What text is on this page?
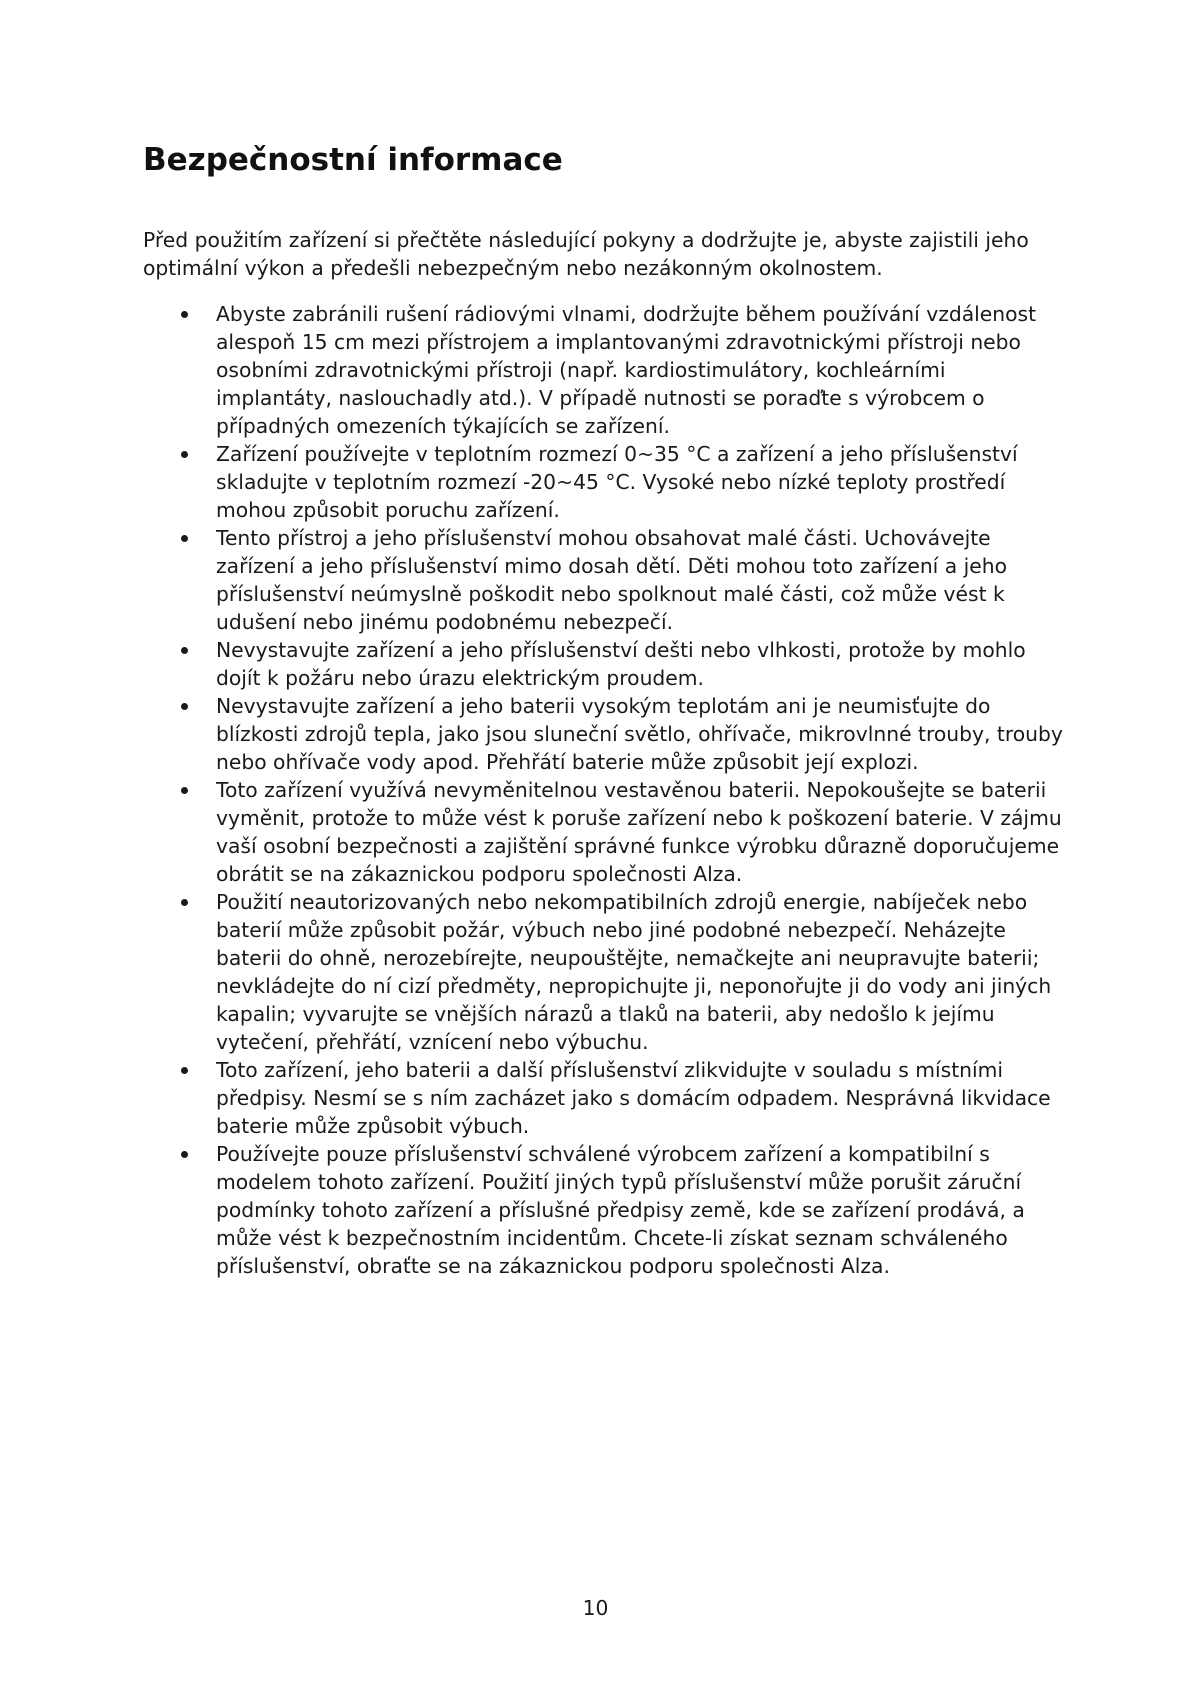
Bezpečnostní informace

Před použitím zařízení si přečtěte následující pokyny a dodržujte je, abyste zajistili jeho optimální výkon a předešli nebezpečným nebo nezákonným okolnostem.

Abyste zabránili rušení rádiovými vlnami, dodržujte během používání vzdálenost alespoň 15 cm mezi přístrojem a implantovanými zdravotnickými přístroji nebo osobními zdravotnickými přístroji (např. kardiostimulátory, kochleárními implantáty, naslouchadly atd.). V případě nutnosti se poraďte s výrobcem o případných omezeních týkajících se zařízení.
Zařízení používejte v teplotním rozmezí 0~35 °C a zařízení a jeho příslušenství skladujte v teplotním rozmezí -20~45 °C. Vysoké nebo nízké teploty prostředí mohou způsobit poruchu zařízení.
Tento přístroj a jeho příslušenství mohou obsahovat malé části. Uchovávejte zařízení a jeho příslušenství mimo dosah dětí. Děti mohou toto zařízení a jeho příslušenství neúmyslně poškodit nebo spolknout malé části, což může vést k udušení nebo jinému podobnému nebezpečí.
Nevystavujte zařízení a jeho příslušenství dešti nebo vlhkosti, protože by mohlo dojít k požáru nebo úrazu elektrickým proudem.
Nevystavujte zařízení a jeho baterii vysokým teplotám ani je neumisťujte do blízkosti zdrojů tepla, jako jsou sluneční světlo, ohřívače, mikrovlnné trouby, trouby nebo ohřívače vody apod. Přehřátí baterie může způsobit její explozi.
Toto zařízení využívá nevyměnitelnou vestavěnou baterii. Nepokoušejte se baterii vyměnit, protože to může vést k poruše zařízení nebo k poškození baterie. V zájmu vaší osobní bezpečnosti a zajištění správné funkce výrobku důrazně doporučujeme obrátit se na zákaznickou podporu společnosti Alza.
Použití neautorizovaných nebo nekompatibilních zdrojů energie, nabíječek nebo baterií může způsobit požár, výbuch nebo jiné podobné nebezpečí. Neházejte baterii do ohně, nerozebírejte, neupouštějte, nemačkejte ani neupravujte baterii; nevkládejte do ní cizí předměty, nepropichujte ji, neponořujte ji do vody ani jiných kapalin; vyvarujte se vnějších nárazů a tlaků na baterii, aby nedošlo k jejímu vytečení, přehřátí, vznícení nebo výbuchu.
Toto zařízení, jeho baterii a další příslušenství zlikvidujte v souladu s místními předpisy. Nesmí se s ním zacházet jako s domácím odpadem. Nesprávná likvidace baterie může způsobit výbuch.
Používejte pouze příslušenství schválené výrobcem zařízení a kompatibilní s modelem tohoto zařízení. Použití jiných typů příslušenství může porušit záruční podmínky tohoto zařízení a příslušné předpisy země, kde se zařízení prodává, a může vést k bezpečnostním incidentům. Chcete-li získat seznam schváleného příslušenství, obraťte se na zákaznickou podporu společnosti Alza.
10
